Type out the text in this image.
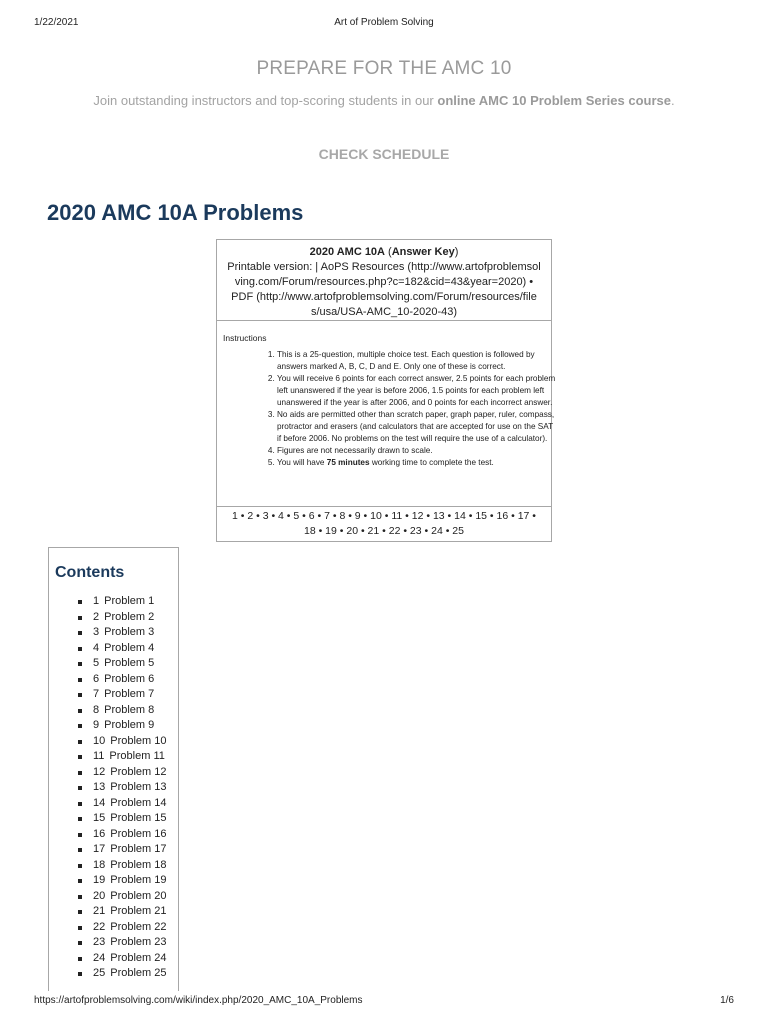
1/22/2021	Art of Problem Solving
PREPARE FOR THE AMC 10
Join outstanding instructors and top-scoring students in our online AMC 10 Problem Series course.
CHECK SCHEDULE
2020 AMC 10A Problems
2020 AMC 10A (Answer Key)
Printable version: | AoPS Resources (http://www.artofproblemsol
ving.com/Forum/resources.php?c=182&cid=43&year=2020) •
PDF (http://www.artofproblemsolving.com/Forum/resources/file
s/usa/USA-AMC_10-2020-43)
Instructions
1. This is a 25-question, multiple choice test. Each question is followed by answers marked A, B, C, D and E. Only one of these is correct.
2. You will receive 6 points for each correct answer, 2.5 points for each problem left unanswered if the year is before 2006, 1.5 points for each problem left unanswered if the year is after 2006, and 0 points for each incorrect answer.
3. No aids are permitted other than scratch paper, graph paper, ruler, compass, protractor and erasers (and calculators that are accepted for use on the SAT if before 2006. No problems on the test will require the use of a calculator).
4. Figures are not necessarily drawn to scale.
5. You will have 75 minutes working time to complete the test.
1 • 2 • 3 • 4 • 5 • 6 • 7 • 8 • 9 • 10 • 11 • 12 • 13 • 14 • 15 • 16 • 17 •
18 • 19 • 20 • 21 • 22 • 23 • 24 • 25
Contents
1 Problem 1
2 Problem 2
3 Problem 3
4 Problem 4
5 Problem 5
6 Problem 6
7 Problem 7
8 Problem 8
9 Problem 9
10 Problem 10
11 Problem 11
12 Problem 12
13 Problem 13
14 Problem 14
15 Problem 15
16 Problem 16
17 Problem 17
18 Problem 18
19 Problem 19
20 Problem 20
21 Problem 21
22 Problem 22
23 Problem 23
24 Problem 24
25 Problem 25
https://artofproblemsolving.com/wiki/index.php/2020_AMC_10A_Problems	1/6
